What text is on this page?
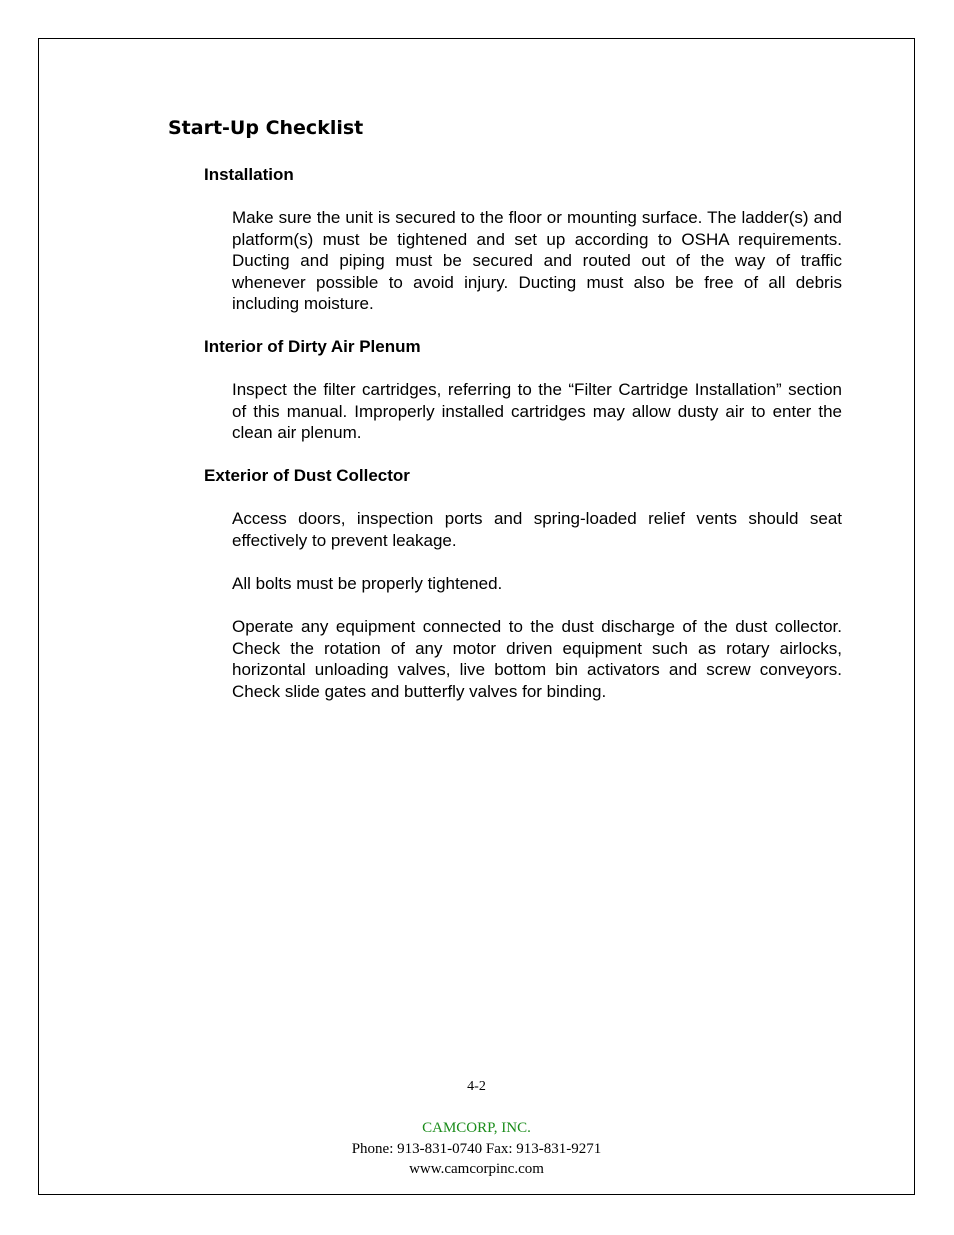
Start-Up Checklist
Installation

Make sure the unit is secured to the floor or mounting surface. The ladder(s) and platform(s) must be tightened and set up according to OSHA requirements. Ducting and piping must be secured and routed out of the way of traffic whenever possible to avoid injury. Ducting must also be free of all debris including moisture.

Interior of Dirty Air Plenum

Inspect the filter cartridges, referring to the “Filter Cartridge Installation” section of this manual. Improperly installed cartridges may allow dusty air to enter the clean air plenum.

Exterior of Dust Collector

Access doors, inspection ports and spring-loaded relief vents should seat effectively to prevent leakage.

All bolts must be properly tightened.

Operate any equipment connected to the dust discharge of the dust collector. Check the rotation of any motor driven equipment such as rotary airlocks, horizontal unloading valves, live bottom bin activators and screw conveyors. Check slide gates and butterfly valves for binding.

4-2

CAMCORP, INC.

Phone: 913-831-0740 Fax: 913-831-9271

www.camcorpinc.com
